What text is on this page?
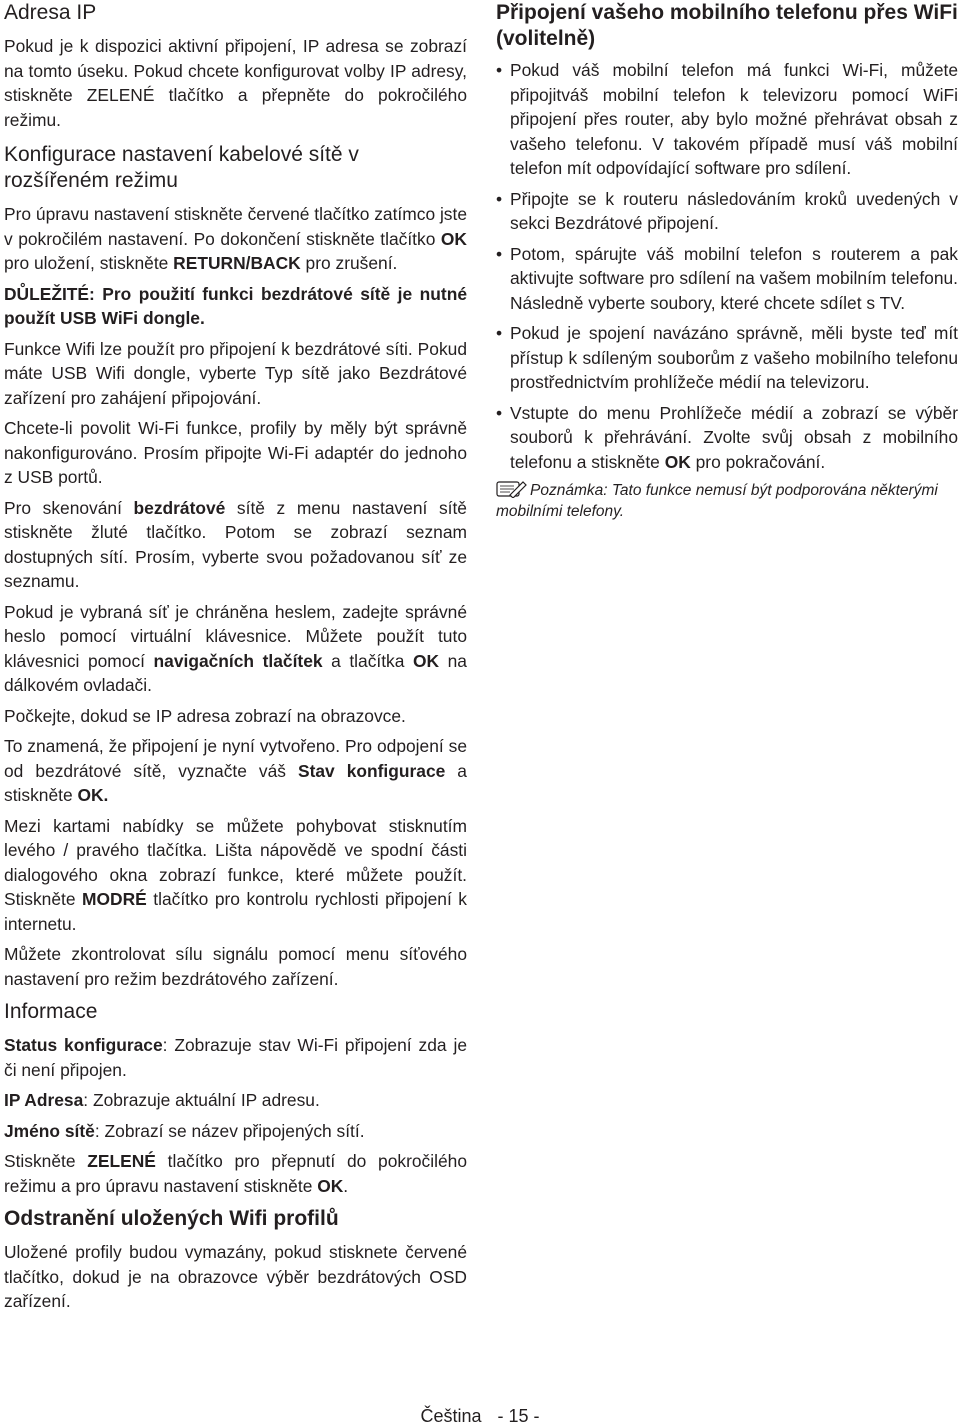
Adresa IP

Pokud je k dispozici aktivní připojení, IP adresa se zobrazí na tomto úseku. Pokud chcete konfigurovat volby IP adresy, stiskněte ZELENÉ tlačítko a přepněte do pokročilého režimu.

Konfigurace nastavení kabelové sítě v rozšířeném režimu

Pro úpravu nastavení stiskněte červené tlačítko zatímco jste v pokročilém nastavení. Po dokončení stiskněte tlačítko OK pro uložení, stiskněte RETURN/BACK pro zrušení.

DŮLEŽITÉ: Pro použití funkci bezdrátové sítě je nutné použít USB WiFi dongle.

Funkce Wifi lze použít pro připojení k bezdrátové síti. Pokud máte USB Wifi dongle, vyberte Typ sítě jako Bezdrátové zařízení pro zahájení připojování.

Chcete-li povolit Wi-Fi funkce, profily by měly být správně nakonfigurováno. Prosím připojte Wi-Fi adaptér do jednoho z USB portů.

Pro skenování bezdrátové sítě z menu nastavení sítě stiskněte žluté tlačítko. Potom se zobrazí seznam dostupných sítí. Prosím, vyberte svou požadovanou síť ze seznamu.

Pokud je vybraná síť je chráněna heslem, zadejte správné heslo pomocí virtuální klávesnice. Můžete použít tuto klávesnici pomocí navigačních tlačítek a tlačítka OK na dálkovém ovladači.

Počkejte, dokud se IP adresa zobrazí na obrazovce.

To znamená, že připojení je nyní vytvořeno. Pro odpojení se od bezdrátové sítě, vyznačte váš Stav konfigurace a stiskněte OK.

Mezi kartami nabídky se můžete pohybovat stisknutím levého / pravého tlačítka. Lišta nápovědě ve spodní části dialogového okna zobrazí funkce, které můžete použít. Stiskněte MODRÉ tlačítko pro kontrolu rychlosti připojení k internetu.

Můžete zkontrolovat sílu signálu pomocí menu síťového nastavení pro režim bezdrátového zařízení.

Informace

Status konfigurace: Zobrazuje stav Wi-Fi připojení zda je či není připojen.

IP Adresa: Zobrazuje aktuální IP adresu.

Jméno sítě: Zobrazí se název připojených sítí.

Stiskněte ZELENÉ tlačítko pro přepnutí do pokročilého režimu a pro úpravu nastavení stiskněte OK.

Odstranění uložených Wifi profilů

Uložené profily budou vymazány, pokud stisknete červené tlačítko, dokud je na obrazovce výběr bezdrátových OSD zařízení.

Připojení vašeho mobilního telefonu přes WiFi (volitelně)
• Pokud váš mobilní telefon má funkci Wi-Fi, můžete připojitváš mobilní telefon k televizoru pomocí WiFi připojení přes router, aby bylo možné přehrávat obsah z vašeho telefonu. V takovém případě musí váš mobilní telefon mít odpovídající software pro sdílení.
• Připojte se k routeru následováním kroků uvedených v sekci Bezdrátové připojení.
• Potom, spárujte váš mobilní telefon s routerem a pak aktivujte software pro sdílení na vašem mobilním telefonu. Následně vyberte soubory, které chcete sdílet s TV.
• Pokud je spojení navázáno správně, měli byste teď mít přístup k sdíleným souborům z vašeho mobilního telefonu prostřednictvím prohlížeče médií na televizoru.
• Vstupte do menu Prohlížeče médií a zobrazí se výběr souborů k přehrávání. Zvolte svůj obsah z mobilního telefonu a stiskněte OK pro pokračování.
Poznámka: Tato funkce nemusí být podporována některými mobilními telefony.
Čeština - 15 -
